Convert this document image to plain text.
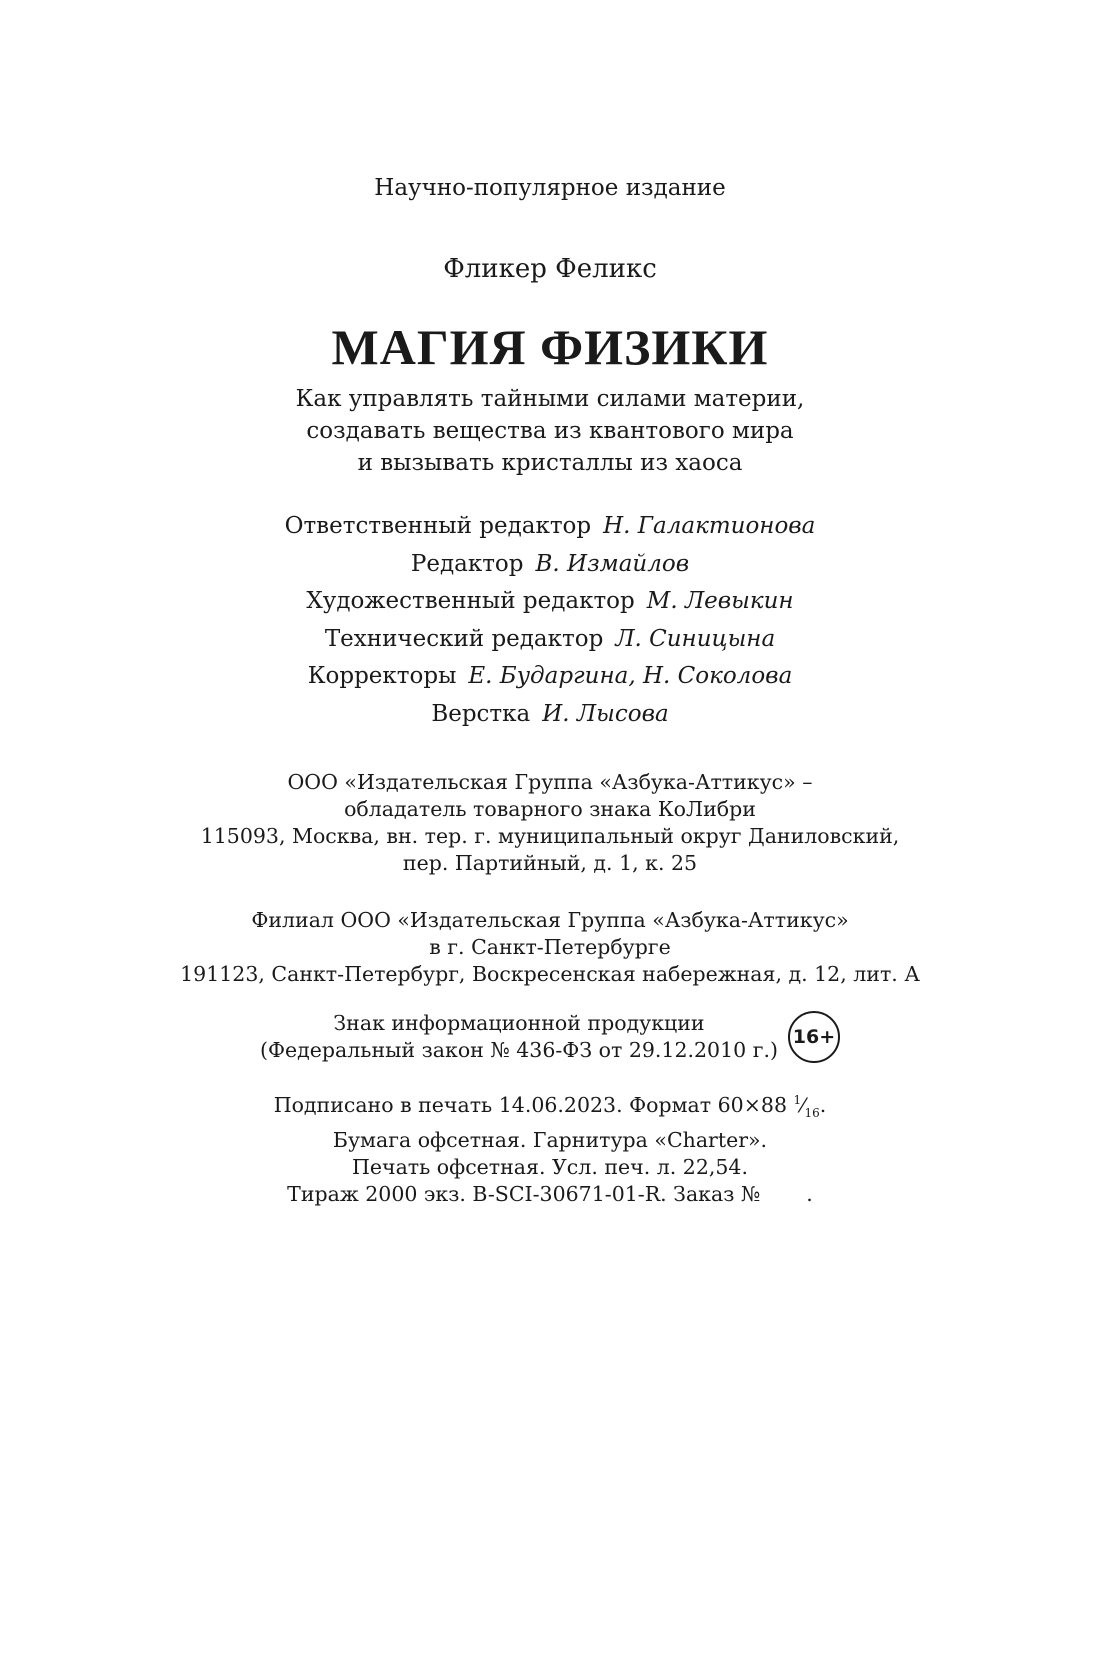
Научно-популярное издание
Фликер Феликс
МАГИЯ ФИЗИКИ
Как управлять тайными силами материи,
создавать вещества из квантового мира
и вызывать кристаллы из хаоса
Ответственный редактор Н. Галактионова
Редактор В. Измайлов
Художественный редактор М. Левыкин
Технический редактор Л. Синицына
Корректоры Е. Бударгина, Н. Соколова
Верстка И. Лысова
ООО «Издательская Группа «Азбука-Аттикус» –
обладатель товарного знака КоЛибри
115093, Москва, вн. тер. г. муниципальный округ Даниловский,
пер. Партийный, д. 1, к. 25
Филиал ООО «Издательская Группа «Азбука-Аттикус»
в г. Санкт-Петербурге
191123, Санкт-Петербург, Воскресенская набережная, д. 12, лит. А
Знак информационной продукции
(Федеральный закон № 436-ФЗ от 29.12.2010 г.)
16+
Подписано в печать 14.06.2023. Формат 60×88 $^1⁄_{16}$.
Бумага офсетная. Гарнитура «Charter».
Печать офсетная. Усл. печ. л. 22,54.
Тираж 2000 экз. B-SCI-30671-01-R. Заказ № .
